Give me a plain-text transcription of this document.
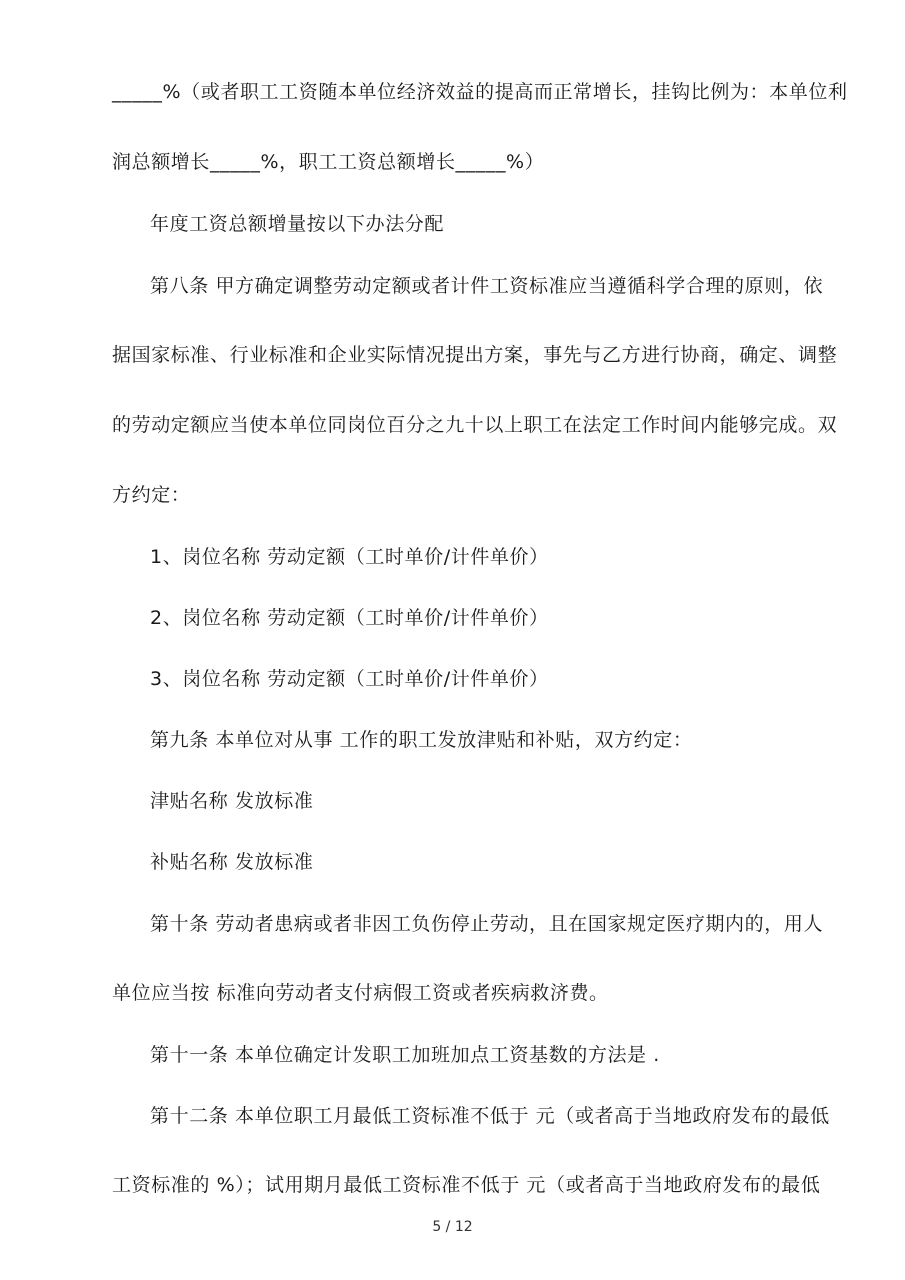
_____%（或者职工工资随本单位经济效益的提高而正常增长，挂钩比例为：本单位利
润总额增长_____%，职工工资总额增长_____%）
年度工资总额增量按以下办法分配
第八条 甲方确定调整劳动定额或者计件工资标准应当遵循科学合理的原则，依
据国家标准、行业标准和企业实际情况提出方案，事先与乙方进行协商，确定、调整
的劳动定额应当使本单位同岗位百分之九十以上职工在法定工作时间内能够完成。双
方约定：
1、岗位名称 劳动定额（工时单价/计件单价）
2、岗位名称 劳动定额（工时单价/计件单价）
3、岗位名称 劳动定额（工时单价/计件单价）
第九条 本单位对从事 工作的职工发放津贴和补贴，双方约定：
津贴名称 发放标准
补贴名称 发放标准
第十条 劳动者患病或者非因工负伤停止劳动，且在国家规定医疗期内的，用人
单位应当按 标准向劳动者支付病假工资或者疾病救济费。
第十一条 本单位确定计发职工加班加点工资基数的方法是 .
第十二条 本单位职工月最低工资标准不低于 元（或者高于当地政府发布的最低
工资标准的 %）；试用期月最低工资标准不低于 元（或者高于当地政府发布的最低
5 / 12
